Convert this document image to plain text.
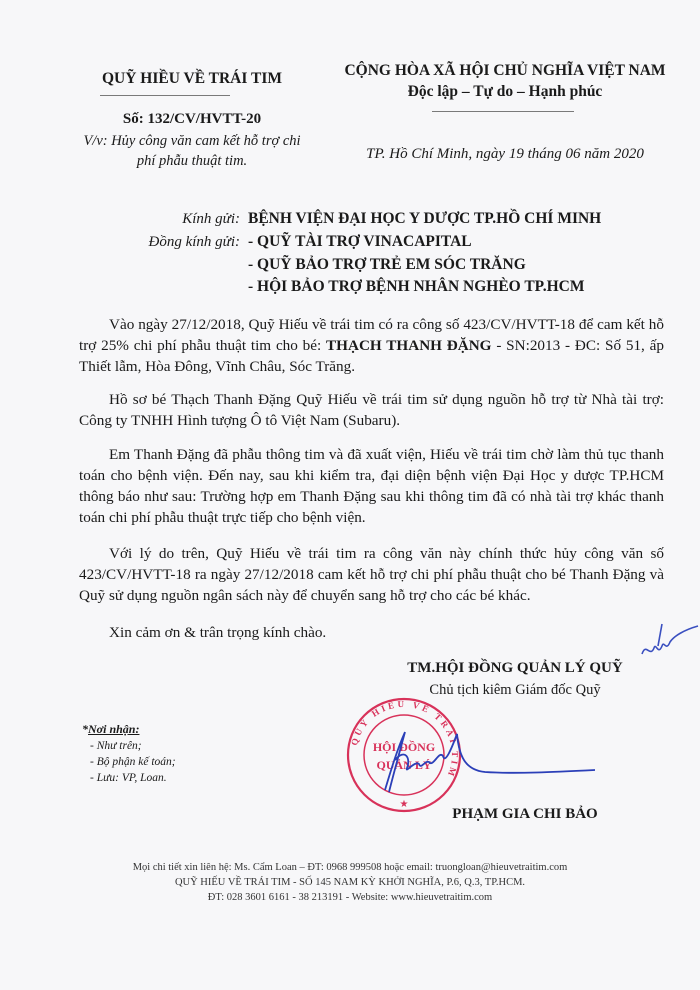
QUỸ HIỀU VỀ TRÁI TIM
Số: 132/CV/HVTT-20
V/v: Hủy công văn cam kết hỗ trợ chi
phí phẫu thuật tim.
CỘNG HÒA XÃ HỘI CHỦ NGHĨA VIỆT NAM
Độc lập – Tự do – Hạnh phúc
TP. Hồ Chí Minh, ngày 19 tháng 06 năm 2020
Kính gửi: BỆNH VIỆN ĐẠI HỌC Y DƯỢC TP.HỒ CHÍ MINH
Đồng kính gửi: - QUỸ TÀI TRỢ VINACAPITAL
- QUỸ BẢO TRỢ TRẺ EM SÓC TRĂNG
- HỘI BẢO TRỢ BỆNH NHÂN NGHÈO TP.HCM
Vào ngày 27/12/2018, Quỹ Hiếu về trái tim có ra công số 423/CV/HVTT-18 để cam kết hỗ trợ 25% chi phí phẫu thuật tim cho bé: THẠCH THANH ĐẶNG - SN:2013 - ĐC: Số 51, ấp Thiết lẫm, Hòa Đông, Vĩnh Châu, Sóc Trăng.
Hồ sơ bé Thạch Thanh Đặng Quỹ Hiếu về trái tim sử dụng nguồn hỗ trợ từ Nhà tài trợ: Công ty TNHH Hình tượng Ô tô Việt Nam (Subaru).
Em Thanh Đặng đã phẫu thông tim và đã xuất viện, Hiếu về trái tim chờ làm thủ tục thanh toán cho bệnh viện. Đến nay, sau khi kiểm tra, đại diện bệnh viện Đại Học y dược TP.HCM thông báo như sau: Trường hợp em Thanh Đặng sau khi thông tim đã có nhà tài trợ khác thanh toán chi phí phẫu thuật trực tiếp cho bệnh viện.
Với lý do trên, Quỹ Hiếu về trái tim ra công văn này chính thức hủy công văn số 423/CV/HVTT-18 ra ngày 27/12/2018 cam kết hỗ trợ chi phí phẫu thuật cho bé Thanh Đặng và Quỹ sử dụng nguồn ngân sách này để chuyển sang hỗ trợ cho các bé khác.
Xin cảm ơn & trân trọng kính chào.
TM.HỘI ĐỒNG QUẢN LÝ QUỸ
Chủ tịch kiêm Giám đốc Quỹ
QUỸ HIẾU VỀ TRÁI TIM
HỘI ĐỒNG
QUẢN LÝ
★
PHẠM GIA CHI BẢO
*Nơi nhận:
- Như trên;
- Bộ phận kế toán;
- Lưu: VP, Loan.
Mọi chi tiết xin liên hệ: Ms. Cẩm Loan – ĐT: 0968 999508 hoặc email: truongloan@hieuvetraitim.com
QUỸ HIẾU VỀ TRÁI TIM - SỐ 145 NAM KỲ KHỞI NGHĨA, P.6, Q.3, TP.HCM.
ĐT: 028 3601 6161 - 38 213191 - Website: www.hieuvetraitim.com
